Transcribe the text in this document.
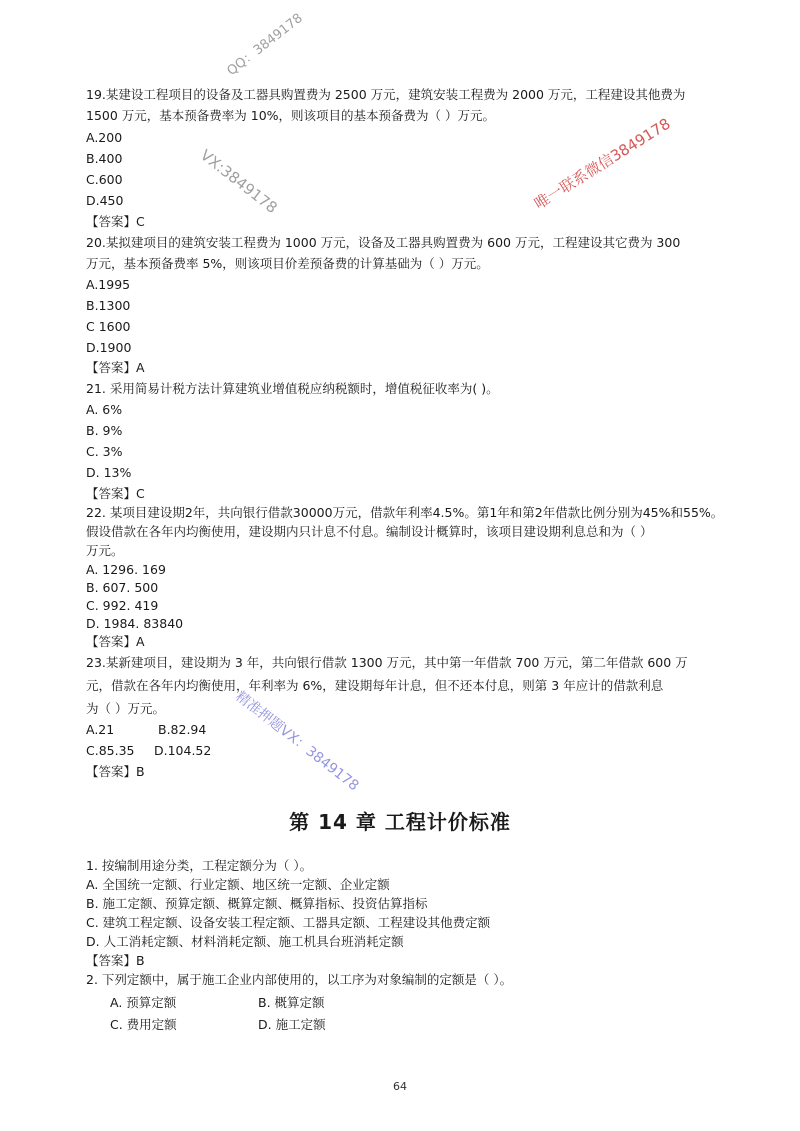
19.某建设工程项目的设备及工器具购置费为 2500 万元，建筑安装工程费为 2000 万元，工程建设其他费为

1500 万元，基本预备费率为 10%，则该项目的基本预备费为（ ）万元。

A.200

B.400

C.600

D.450

【答案】C

20.某拟建项目的建筑安装工程费为 1000 万元，设备及工器具购置费为 600 万元，工程建设其它费为 300

万元，基本预备费率 5%，则该项目价差预备费的计算基础为（ ）万元。

A.1995

B.1300

C 1600

D.1900

【答案】A

21. 采用简易计税方法计算建筑业增值税应纳税额时，增值税征收率为( )。

A. 6%

B. 9%

C. 3%

D. 13%

【答案】C

22. 某项目建设期2年，共向银行借款30000万元，借款年利率4.5%。第1年和第2年借款比例分别为45%和55%。

假设借款在各年内均衡使用，建设期内只计息不付息。编制设计概算时，该项目建设期利息总和为（ ）

万元。

A. 1296. 169

B. 607. 500

C. 992. 419

D. 1984. 83840

【答案】A

23.某新建项目，建设期为 3 年，共向银行借款 1300 万元，其中第一年借款 700 万元，第二年借款 600 万

元，借款在各年内均衡使用，年利率为 6%，建设期每年计息，但不还本付息，则第 3 年应计的借款利息

为（ ）万元。

A.21	B.82.94

C.85.35 D.104.52

【答案】B

第 14 章 工程计价标准

1. 按编制用途分类，工程定额分为（ ）。

A. 全国统一定额、行业定额、地区统一定额、企业定额

B. 施工定额、预算定额、概算定额、概算指标、投资估算指标

C. 建筑工程定额、设备安装工程定额、工器具定额、工程建设其他费定额

D. 人工消耗定额、材料消耗定额、施工机具台班消耗定额

【答案】B

2. 下列定额中，属于施工企业内部使用的，以工序为对象编制的定额是（ ）。

A. 预算定额	B. 概算定额

C. 费用定额	D. 施工定额

64
QQ：3849178
VX:3849178	唯一联系微信3849178
精准押题VX：3849178
